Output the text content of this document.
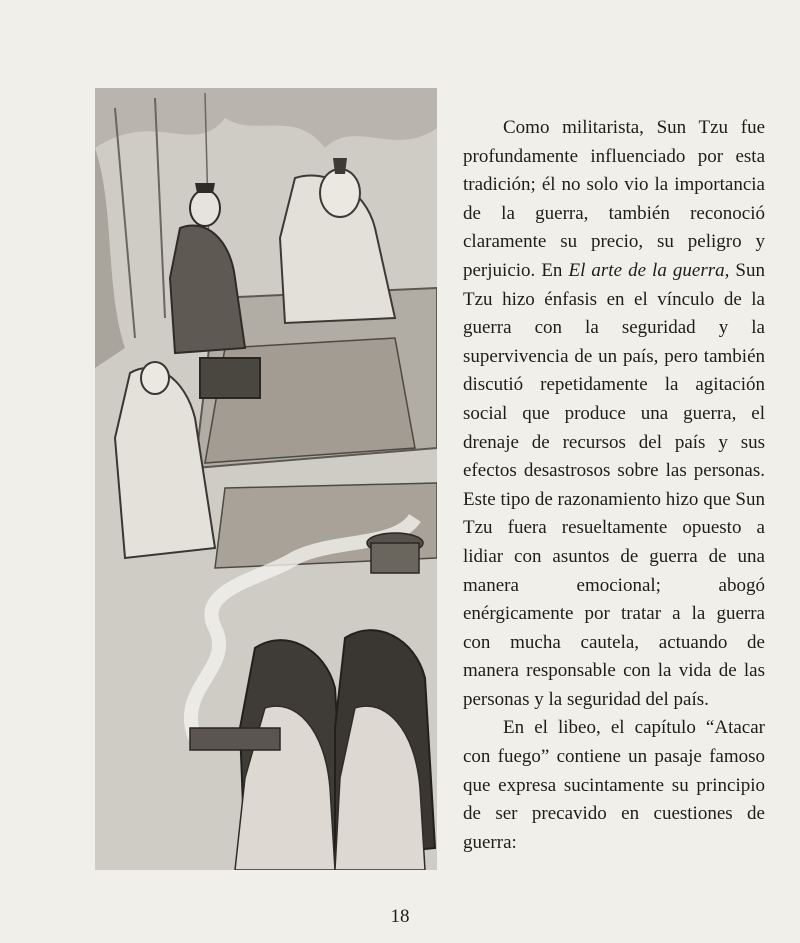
Como militarista, Sun Tzu fue profundamente influenciado por esta tradición; él no solo vio la importancia de la guerra, también reconoció claramente su precio, su peligro y perjuicio. En El arte de la guerra, Sun Tzu hizo énfasis en el vínculo de la guerra con la seguridad y la supervivencia de un país, pero también discutió repetidamente la agitación social que produce una guerra, el drenaje de recursos del país y sus efectos desastrosos sobre las personas. Este tipo de razonamiento hizo que Sun Tzu fuera resueltamente opuesto a lidiar con asuntos de guerra de una manera emocional; abogó enérgicamente por tratar a la guerra con mucha cautela, actuando de manera responsable con la vida de las personas y la seguridad del país.

En el libeo, el capítulo “Atacar con fuego” contiene un pasaje famoso que expresa sucintamente su principio de ser precavido en cuestiones de guerra:

18
